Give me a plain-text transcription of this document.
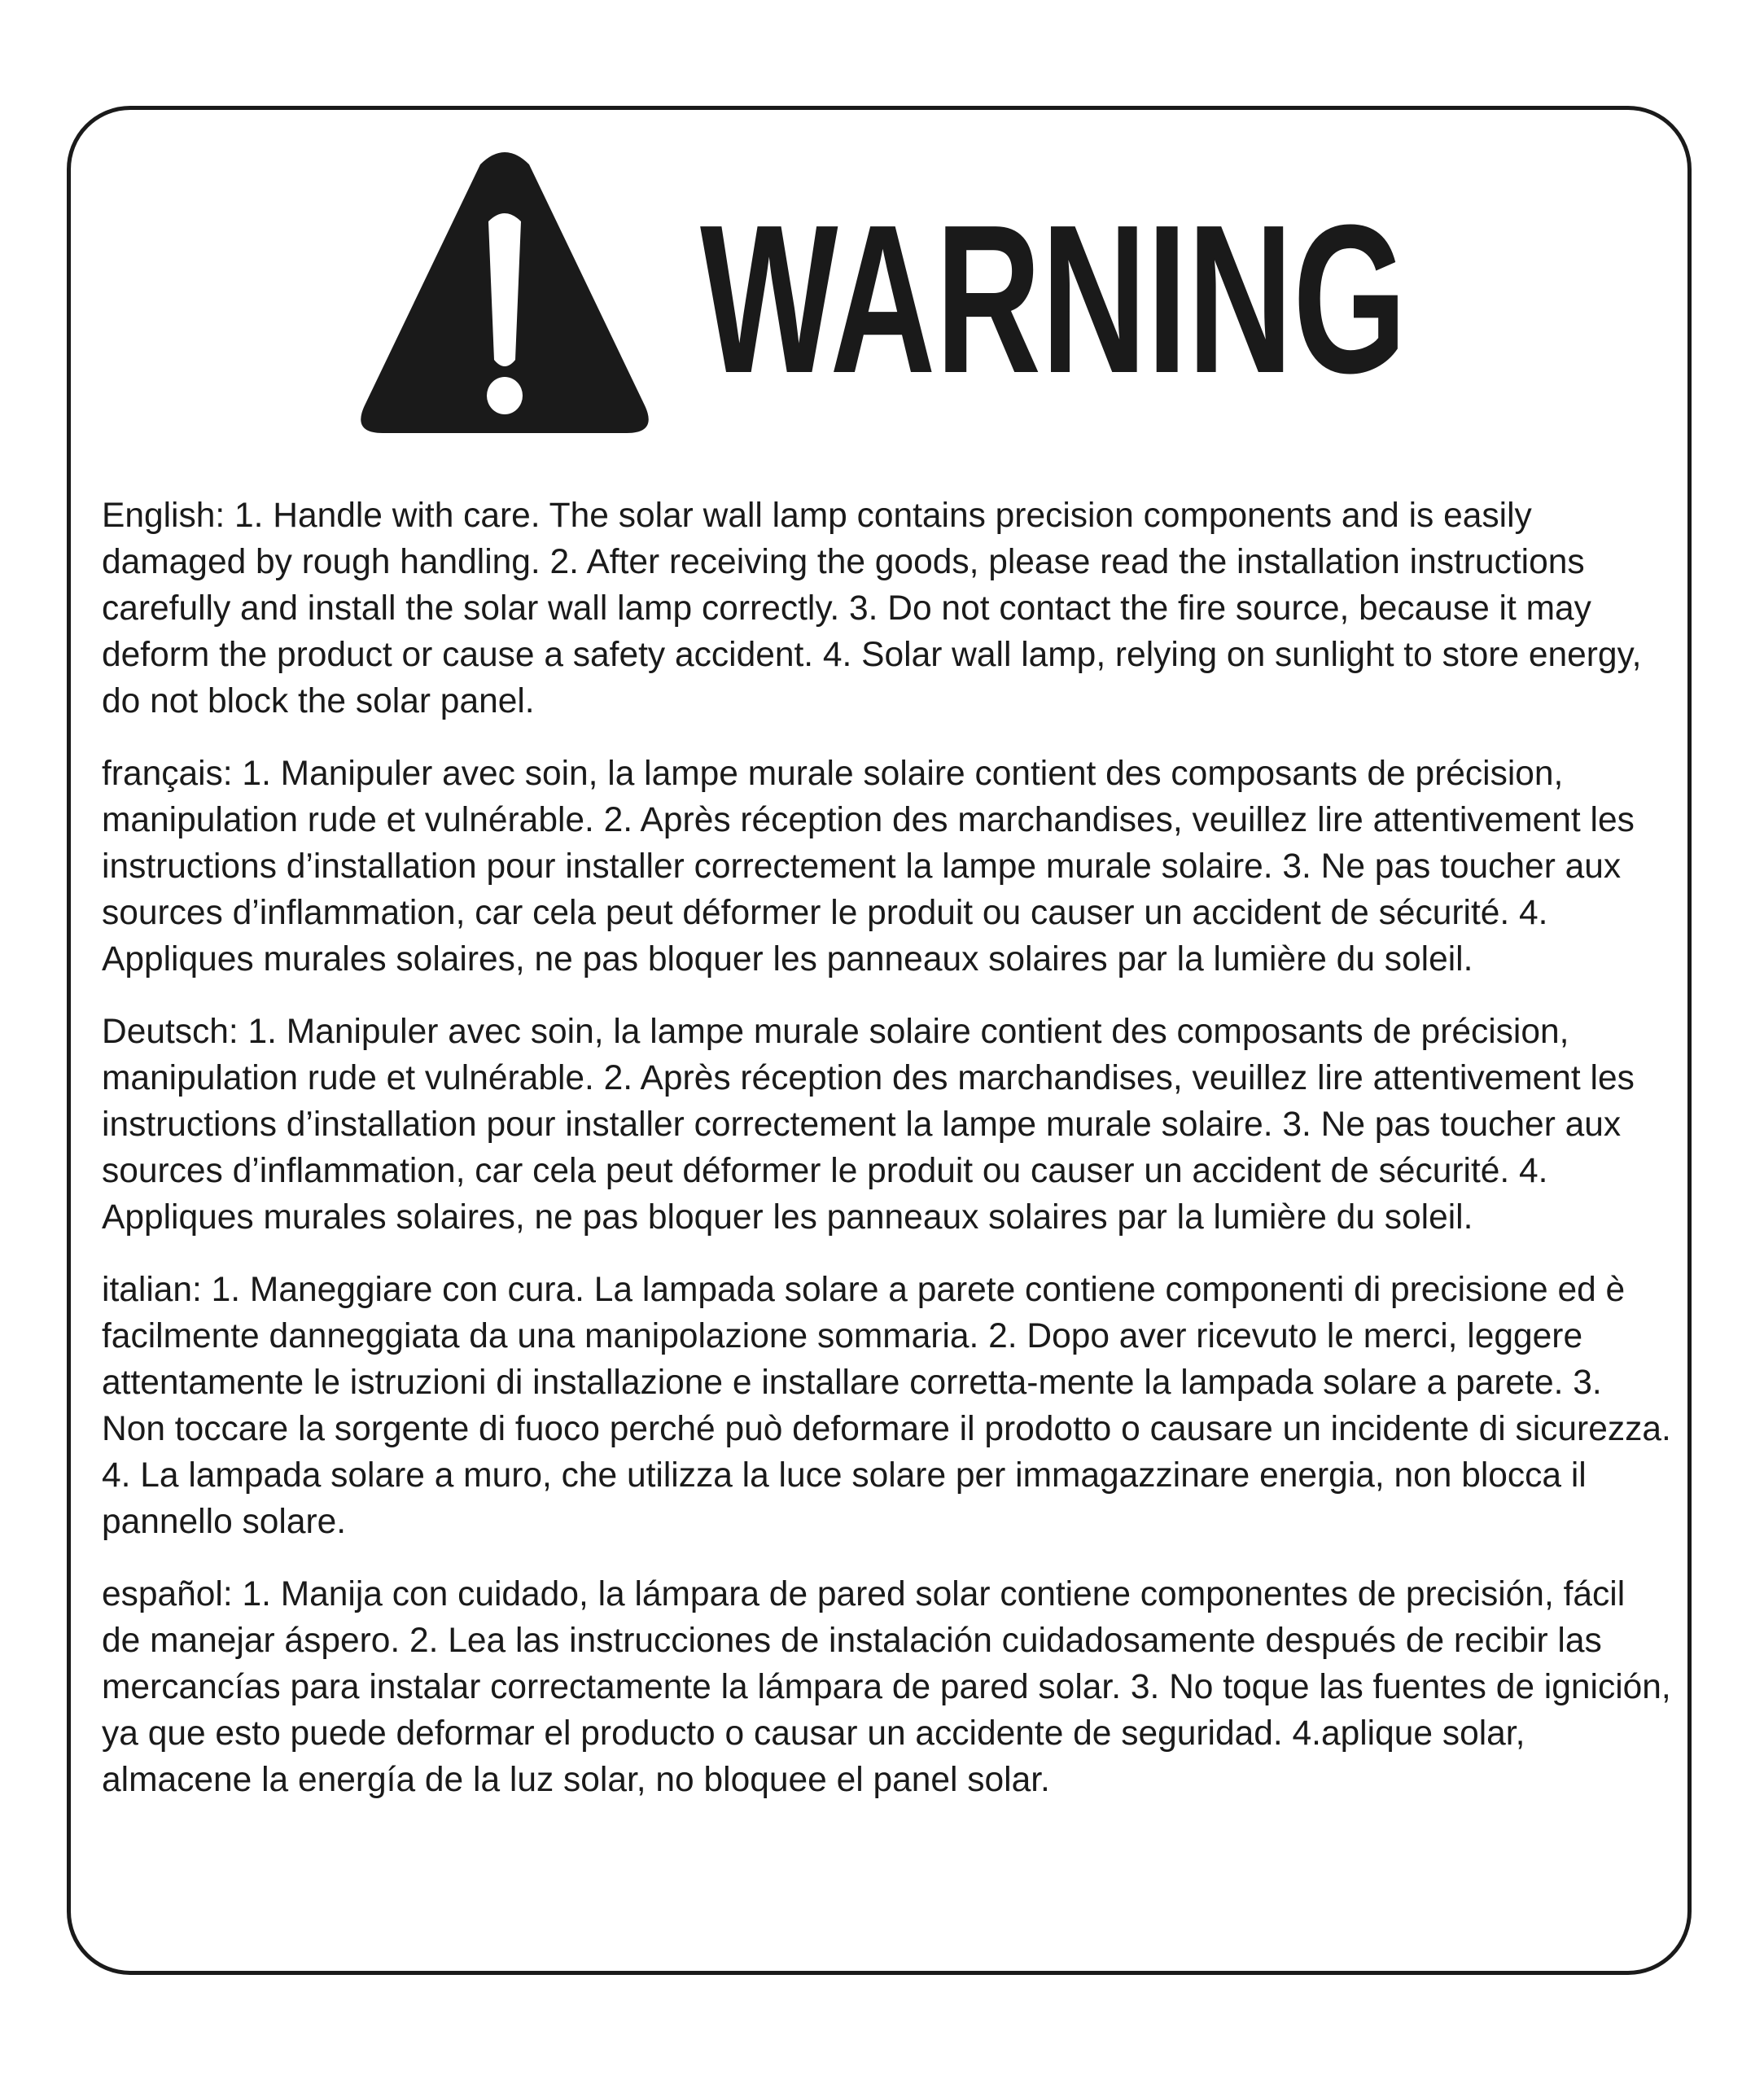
WARNING

English: 1. Handle with care. The solar wall lamp contains precision components and is easily damaged by rough handling. 2. After receiving the goods, please read the installation instructions carefully and install the solar wall lamp correctly. 3. Do not contact the fire source, because it may deform the product or cause a safety accident. 4. Solar wall lamp, relying on sunlight to store energy, do not block the solar panel.

français: 1. Manipuler avec soin, la lampe murale solaire contient des composants de précision, manipulation rude et vulnérable. 2. Après réception des marchandises, veuillez lire attentivement les instructions d’installation pour installer correctement la lampe murale solaire. 3. Ne pas toucher aux sources d’inflammation, car cela peut déformer le produit ou causer un accident de sécurité. 4. Appliques murales solaires, ne pas bloquer les panneaux solaires par la lumière du soleil.

Deutsch: 1. Manipuler avec soin, la lampe murale solaire contient des composants de précision, manipulation rude et vulnérable. 2. Après réception des marchandises, veuillez lire attentivement les instructions d’installation pour installer correctement la lampe murale solaire. 3. Ne pas toucher aux sources d’inflammation, car cela peut déformer le produit ou causer un accident de sécurité. 4. Appliques murales solaires, ne pas bloquer les panneaux solaires par la lumière du soleil.

italian: 1. Maneggiare con cura. La lampada solare a parete contiene componenti di precisione ed è facilmente danneggiata da una manipolazione sommaria. 2. Dopo aver ricevuto le merci, leggere attentamente le istruzioni di installazione e installare corretta-mente la lampada solare a parete. 3. Non toccare la sorgente di fuoco perché può deformare il prodotto o causare un incidente di sicurezza. 4. La lampada solare a muro, che utilizza la luce solare per immagazzinare energia, non blocca il pannello solare.

español: 1. Manija con cuidado, la lámpara de pared solar contiene componentes de precisión, fácil de manejar áspero. 2. Lea las instrucciones de instalación cuidadosamente después de recibir las mercancías para instalar correctamente la lámpara de pared solar. 3. No toque las fuentes de ignición, ya que esto puede deformar el producto o causar un accidente de seguridad. 4.aplique solar, almacene la energía de la luz solar, no bloquee el panel solar.
